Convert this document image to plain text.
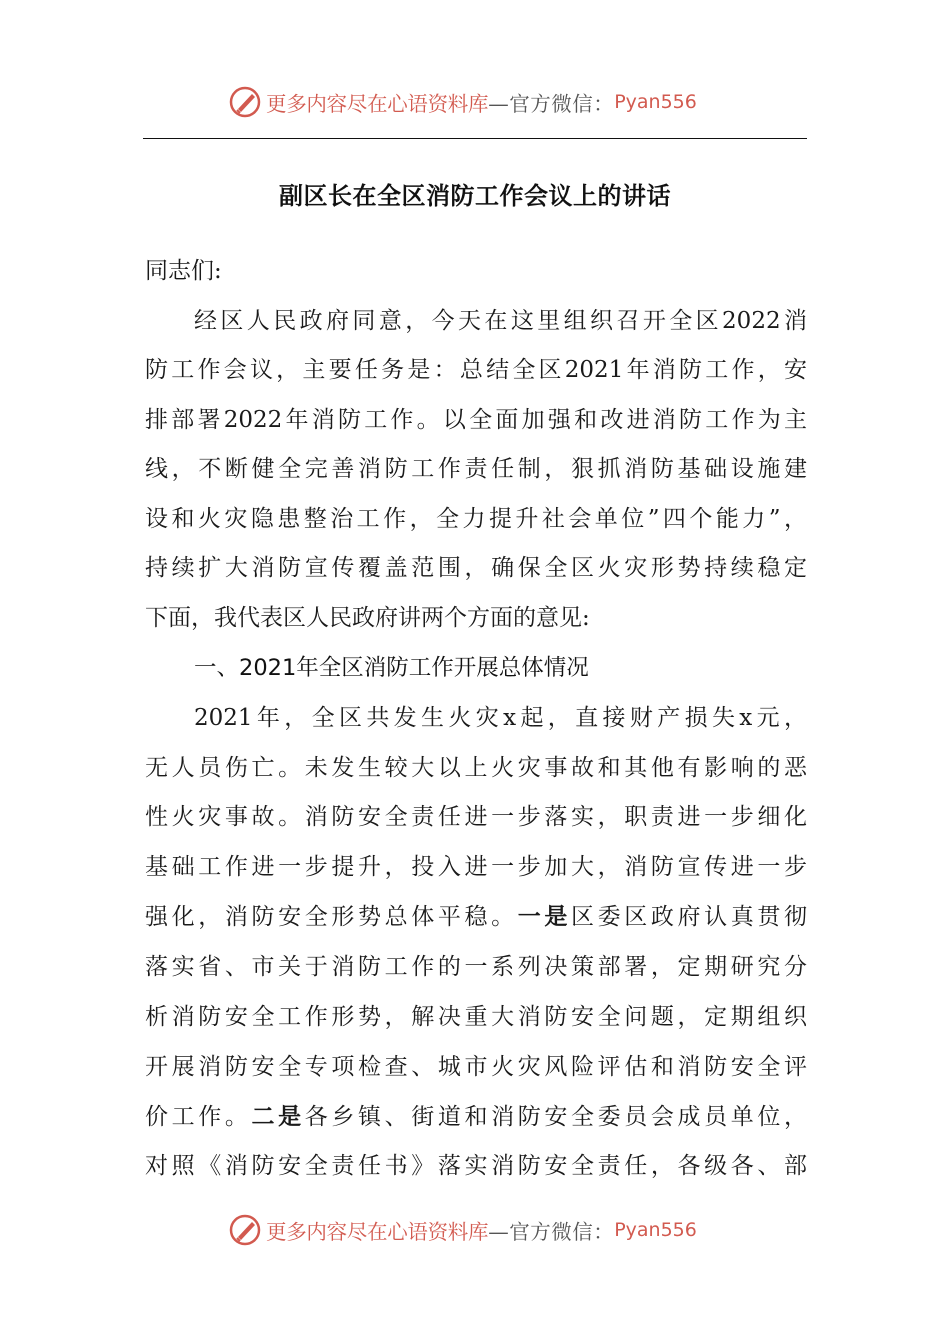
更多内容尽在心语资料库 —官方微信： Pyan556
副区长在全区消防工作会议上的讲话
同志们:
经区人民政府同意，今天在这里组织召开全区2022消
防工作会议，主要任务是：总结全区2021年消防工作，安
排部署2022年消防工作。以全面加强和改进消防工作为主
线，不断健全完善消防工作责任制，狠抓消防基础设施建
设和火灾隐患整治工作，全力提升社会单位”四个能力”，
持续扩大消防宣传覆盖范围，确保全区火灾形势持续稳定
下面，我代表区人民政府讲两个方面的意见:
一、2021年全区消防工作开展总体情况
2021年，全区共发生火灾x起，直接财产损失x元，
无人员伤亡。未发生较大以上火灾事故和其他有影响的恶
性火灾事故。消防安全责任进一步落实，职责进一步细化
基础工作进一步提升，投入进一步加大，消防宣传进一步
强化，消防安全形势总体平稳。一是区委区政府认真贯彻
落实省、市关于消防工作的一系列决策部署，定期研究分
析消防安全工作形势，解决重大消防安全问题，定期组织
开展消防安全专项检查、城市火灾风险评估和消防安全评
价工作。二是各乡镇、街道和消防安全委员会成员单位，
对照《消防安全责任书》落实消防安全责任，各级各、部
更多内容尽在心语资料库 —官方微信： Pyan556
